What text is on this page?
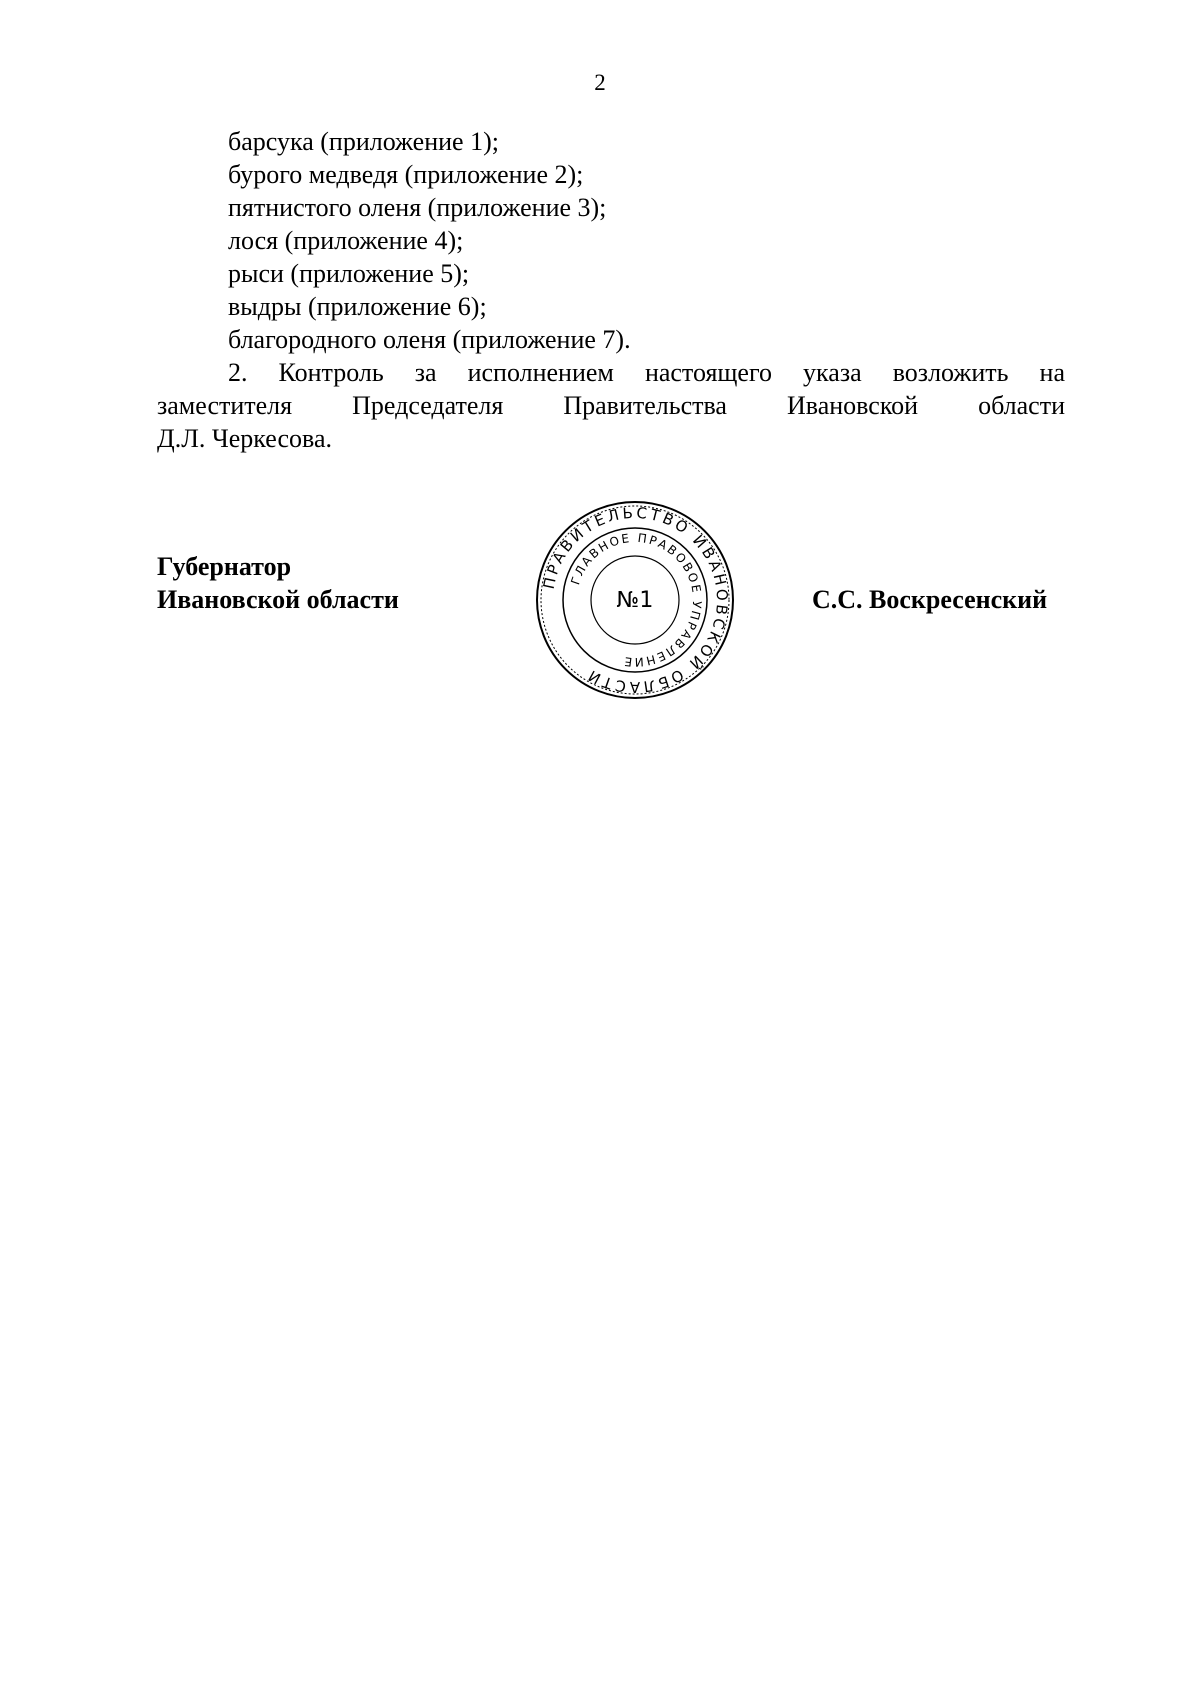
2
барсука (приложение 1);
бурого медведя (приложение 2);
пятнистого оленя (приложение 3);
лося (приложение 4);
рыси (приложение 5);
выдры (приложение 6);
благородного оленя (приложение 7).
2. Контроль за исполнением настоящего указа возложить на
заместителя Председателя Правительства Ивановской области
Д.Л. Черкесова.
Губернатор
Ивановской области	С.С. Воскресенский
ПРАВИТЕЛЬСТВО ИВАНОВСКОЙ ОБЛАСТИ
ГЛАВНОЕ ПРАВОВОЕ УПРАВЛЕНИЕ
№1
